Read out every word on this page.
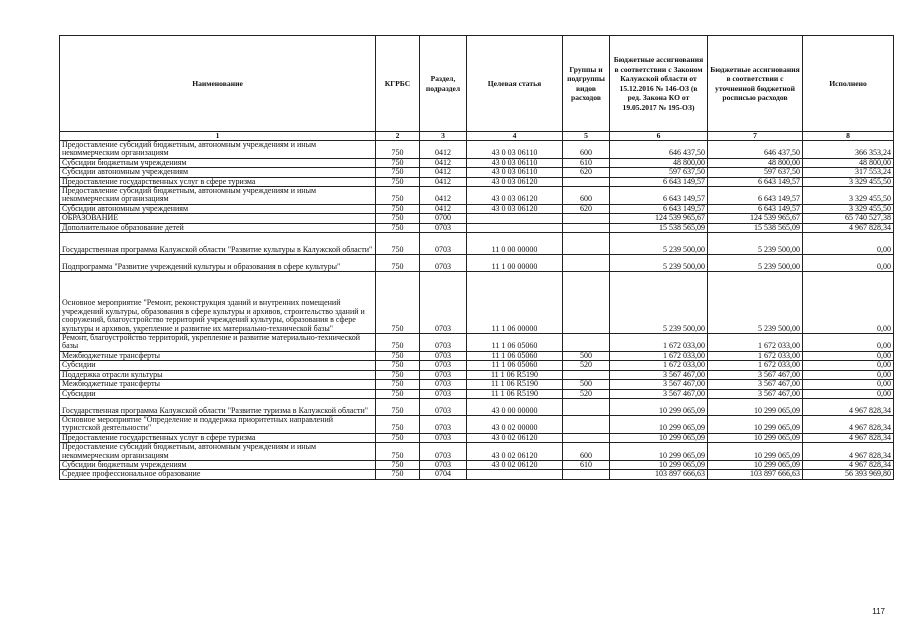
Наименование	КГРБС	Раздел, подраздел	Целевая статья	Группы и подгруппы видов расходов	Бюджетные ассигнования в соответствии с Законом Калужской области от 15.12.2016 № 146-ОЗ (в ред. Закона КО от 19.05.2017 № 195-ОЗ)	Бюджетные ассигнования в соответствии с уточненной бюджетной росписью расходов	Исполнено
1	2	3	4	5	6	7	8
Предоставление субсидий бюджетным, автономным учреждениям и иным некоммерческим организациям	750	0412	43 0 03 06110	600	646 437,50	646 437,50	366 353,24
Субсидии бюджетным учреждениям	750	0412	43 0 03 06110	610	48 800,00	48 800,00	48 800,00
Субсидии автономным учреждениям	750	0412	43 0 03 06110	620	597 637,50	597 637,50	317 553,24
Предоставление государственных услуг в сфере туризма	750	0412	43 0 03 06120		6 643 149,57	6 643 149,57	3 329 455,50
Предоставление субсидий бюджетным, автономным учреждениям и иным некоммерческим организациям	750	0412	43 0 03 06120	600	6 643 149,57	6 643 149,57	3 329 455,50
Субсидии автономным учреждениям	750	0412	43 0 03 06120	620	6 643 149,57	6 643 149,57	3 329 455,50
ОБРАЗОВАНИЕ	750	0700			124 539 965,67	124 539 965,67	65 740 527,38
Дополнительное образование детей	750	0703			15 538 565,09	15 538 565,09	4 967 828,34
Государственная программа Калужской области "Развитие культуры в Калужской области"	750	0703	11 0 00 00000		5 239 500,00	5 239 500,00	0,00
Подпрограмма "Развитие учреждений культуры и образования в сфере культуры"	750	0703	11 1 00 00000		5 239 500,00	5 239 500,00	0,00
Основное мероприятие "Ремонт, реконструкция зданий и внутренних помещений учреждений культуры, образования в сфере культуры и архивов, строительство зданий и сооружений, благоустройство территорий учреждений культуры, образования в сфере культуры и архивов, укрепление и развитие их материально-технической базы"	750	0703	11 1 06 00000		5 239 500,00	5 239 500,00	0,00
Ремонт, благоустройство территорий, укрепление и развитие материально-технической базы	750	0703	11 1 06 05060		1 672 033,00	1 672 033,00	0,00
Межбюджетные трансферты	750	0703	11 1 06 05060	500	1 672 033,00	1 672 033,00	0,00
Субсидии	750	0703	11 1 06 05060	520	1 672 033,00	1 672 033,00	0,00
Поддержка отрасли культуры	750	0703	11 1 06 R5190		3 567 467,00	3 567 467,00	0,00
Межбюджетные трансферты	750	0703	11 1 06 R5190	500	3 567 467,00	3 567 467,00	0,00
Субсидии	750	0703	11 1 06 R5190	520	3 567 467,00	3 567 467,00	0,00
Государственная программа Калужской области "Развитие туризма в Калужской области"	750	0703	43 0 00 00000		10 299 065,09	10 299 065,09	4 967 828,34
Основное мероприятие "Определение и поддержка приоритетных направлений туристской деятельности"	750	0703	43 0 02 00000		10 299 065,09	10 299 065,09	4 967 828,34
Предоставление государственных услуг в сфере туризма	750	0703	43 0 02 06120		10 299 065,09	10 299 065,09	4 967 828,34
Предоставление субсидий бюджетным, автономным учреждениям и иным некоммерческим организациям	750	0703	43 0 02 06120	600	10 299 065,09	10 299 065,09	4 967 828,34
Субсидии бюджетным учреждениям	750	0703	43 0 02 06120	610	10 299 065,09	10 299 065,09	4 967 828,34
Среднее профессиональное образование	750	0704			103 897 666,63	103 897 666,63	56 393 969,80
117
